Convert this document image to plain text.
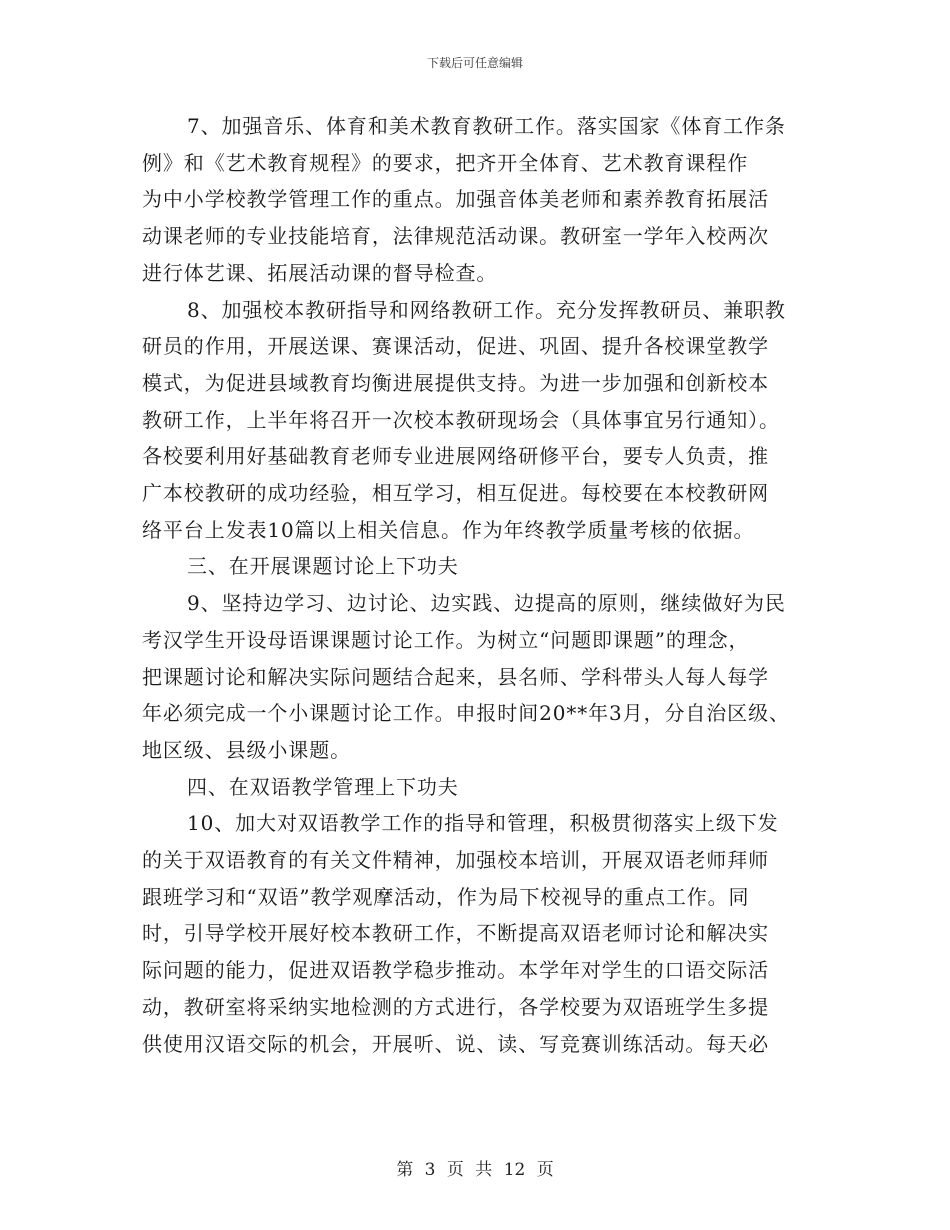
下载后可任意编辑
7、加强音乐、体育和美术教育教研工作。落实国家《体育工作条
例》和《艺术教育规程》的要求，把齐开全体育、艺术教育课程作
为中小学校教学管理工作的重点。加强音体美老师和素养教育拓展活
动课老师的专业技能培育，法律规范活动课。教研室一学年入校两次
进行体艺课、拓展活动课的督导检查。
8、加强校本教研指导和网络教研工作。充分发挥教研员、兼职教
研员的作用，开展送课、赛课活动，促进、巩固、提升各校课堂教学
模式，为促进县域教育均衡进展提供支持。为进一步加强和创新校本
教研工作，上半年将召开一次校本教研现场会（具体事宜另行通知）。
各校要利用好基础教育老师专业进展网络研修平台，要专人负责，推
广本校教研的成功经验，相互学习，相互促进。每校要在本校教研网
络平台上发表10篇以上相关信息。作为年终教学质量考核的依据。
三、在开展课题讨论上下功夫
9、坚持边学习、边讨论、边实践、边提高的原则，继续做好为民
考汉学生开设母语课课题讨论工作。为树立“问题即课题”的理念，
把课题讨论和解决实际问题结合起来，县名师、学科带头人每人每学
年必须完成一个小课题讨论工作。申报时间20**年3月，分自治区级、
地区级、县级小课题。
四、在双语教学管理上下功夫
10、加大对双语教学工作的指导和管理，积极贯彻落实上级下发
的关于双语教育的有关文件精神，加强校本培训，开展双语老师拜师
跟班学习和“双语”教学观摩活动，作为局下校视导的重点工作。同
时，引导学校开展好校本教研工作，不断提高双语老师讨论和解决实
际问题的能力，促进双语教学稳步推动。本学年对学生的口语交际活
动，教研室将采纳实地检测的方式进行，各学校要为双语班学生多提
供使用汉语交际的机会，开展听、说、读、写竞赛训练活动。每天必
第 3 页 共 12 页
